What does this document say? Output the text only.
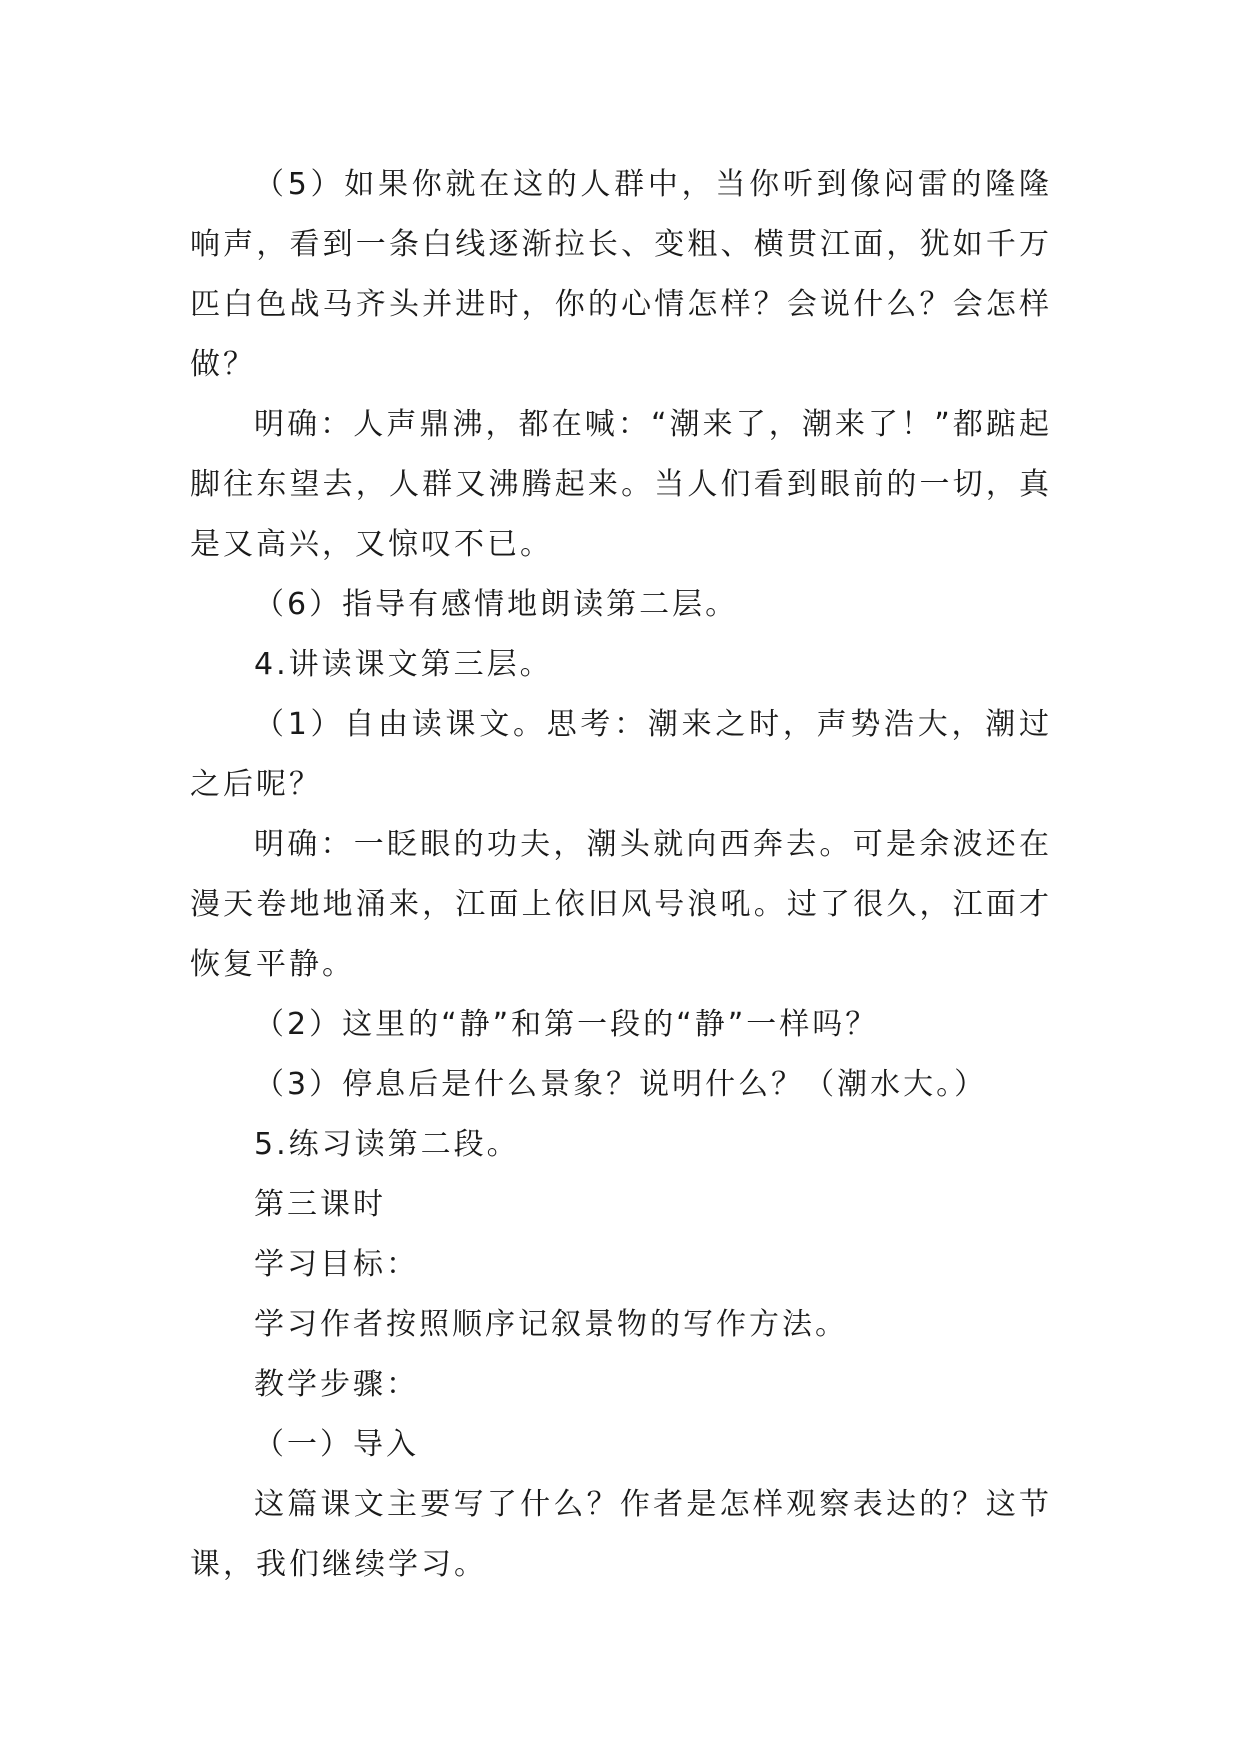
（5）如果你就在这的人群中，当你听到像闷雷的隆隆响声，看到一条白线逐渐拉长、变粗、横贯江面，犹如千万匹白色战马齐头并进时，你的心情怎样？会说什么？会怎样做？

明确：人声鼎沸，都在喊：“潮来了，潮来了！”都踮起脚往东望去，人群又沸腾起来。当人们看到眼前的一切，真是又高兴，又惊叹不已。

（6）指导有感情地朗读第二层。

4.讲读课文第三层。

（1）自由读课文。思考：潮来之时，声势浩大，潮过之后呢？

明确：一眨眼的功夫，潮头就向西奔去。可是余波还在漫天卷地地涌来，江面上依旧风号浪吼。过了很久，江面才恢复平静。

（2）这里的“静”和第一段的“静”一样吗？

（3）停息后是什么景象？说明什么？（潮水大。）

5.练习读第二段。

第三课时

学习目标：

学习作者按照顺序记叙景物的写作方法。

教学步骤：

（一）导入

这篇课文主要写了什么？作者是怎样观察表达的？这节课，我们继续学习。
